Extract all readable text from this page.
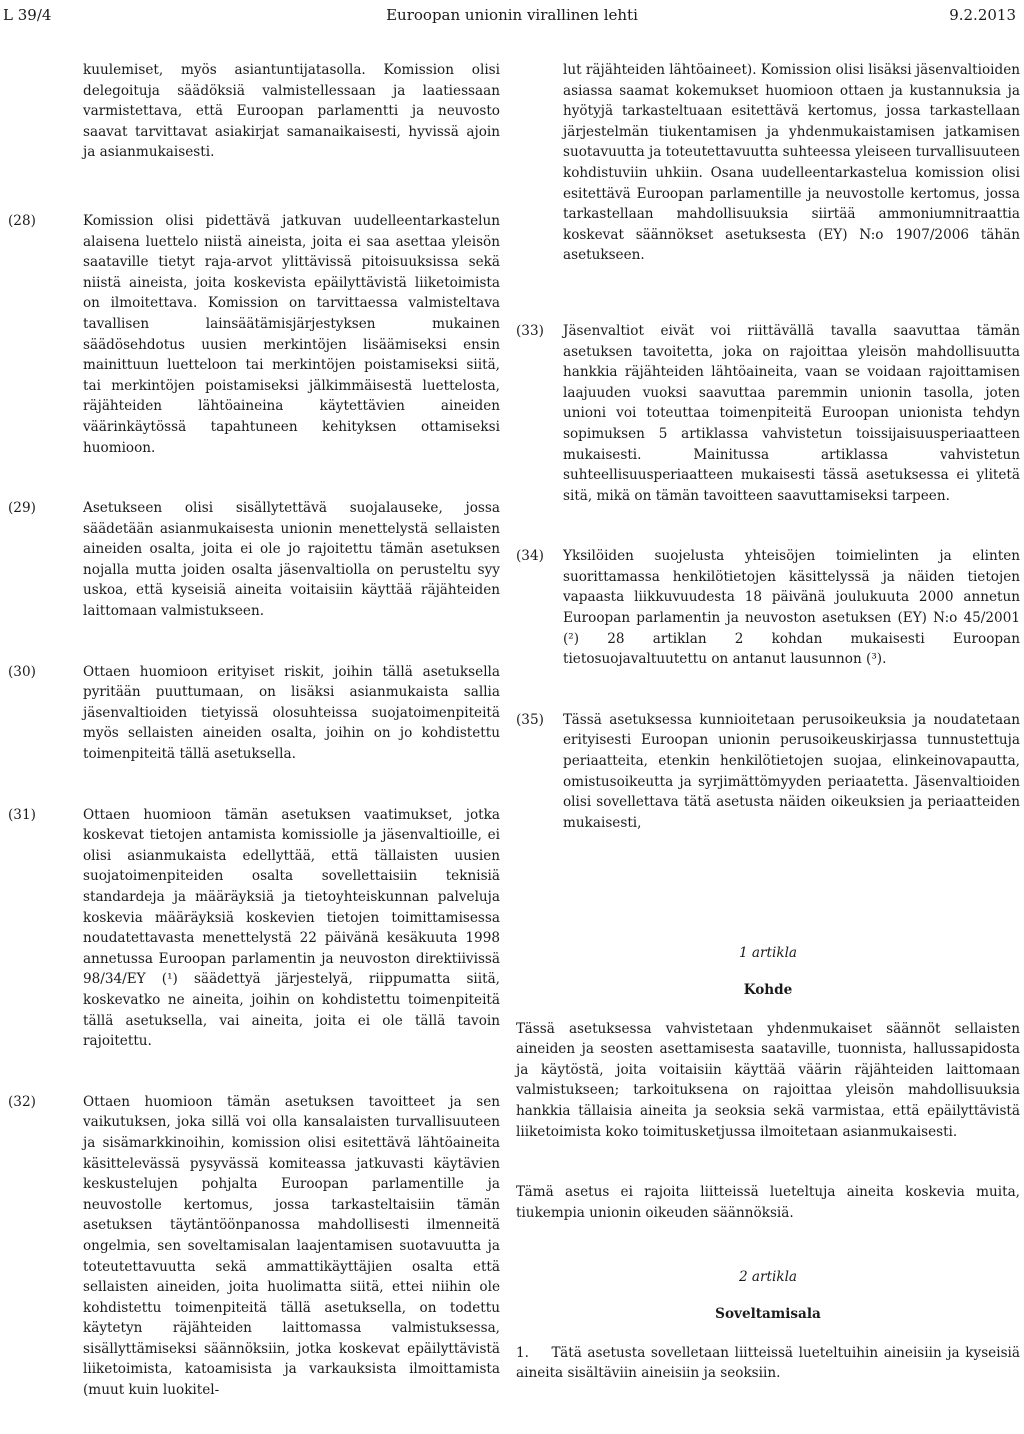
L 39/4	Euroopan unionin virallinen lehti	9.2.2013

kuulemiset, myös asiantuntijatasolla. Komission olisi delegoituja säädöksiä valmistellessaan ja laatiessaan varmistettava, että Euroopan parlamentti ja neuvosto saavat tarvittavat asiakirjat samanaikaisesti, hyvissä ajoin ja asianmukaisesti.

(28)	Komission olisi pidettävä jatkuvan uudelleentarkastelun alaisena luettelo niistä aineista, joita ei saa asettaa yleisön saataville tietyt raja-arvot ylittävissä pitoisuuksissa sekä niistä aineista, joita koskevista epäilyttävistä liiketoimista on ilmoitettava. Komission on tarvittaessa valmisteltava tavallisen lainsäätämisjärjestyksen mukainen säädösehdotus uusien merkintöjen lisäämiseksi ensin mainittuun luetteloon tai merkintöjen poistamiseksi siitä, tai merkintöjen poistamiseksi jälkimmäisestä luettelosta, räjähteiden lähtöaineina käytettävien aineiden väärinkäytössä tapahtuneen kehityksen ottamiseksi huomioon.

(29)	Asetukseen olisi sisällytettävä suojalauseke, jossa säädetään asianmukaisesta unionin menettelystä sellaisten aineiden osalta, joita ei ole jo rajoitettu tämän asetuksen nojalla mutta joiden osalta jäsenvaltiolla on perusteltu syy uskoa, että kyseisiä aineita voitaisiin käyttää räjähteiden laittomaan valmistukseen.

(30)	Ottaen huomioon erityiset riskit, joihin tällä asetuksella pyritään puuttumaan, on lisäksi asianmukaista sallia jäsenvaltioiden tietyissä olosuhteissa suojatoimenpiteitä myös sellaisten aineiden osalta, joihin on jo kohdistettu toimenpiteitä tällä asetuksella.

(31)	Ottaen huomioon tämän asetuksen vaatimukset, jotka koskevat tietojen antamista komissiolle ja jäsenvaltioille, ei olisi asianmukaista edellyttää, että tällaisten uusien suojatoimenpiteiden osalta sovellettaisiin teknisiä standardeja ja määräyksiä ja tietoyhteiskunnan palveluja koskevia määräyksiä koskevien tietojen toimittamisessa noudatettavasta menettelystä 22 päivänä kesäkuuta 1998 annetussa Euroopan parlamentin ja neuvoston direktiivissä 98/34/EY (¹) säädettyä järjestelyä, riippumatta siitä, koskevatko ne aineita, joihin on kohdistettu toimenpiteitä tällä asetuksella, vai aineita, joita ei ole tällä tavoin rajoitettu.

(32)	Ottaen huomioon tämän asetuksen tavoitteet ja sen vaikutuksen, joka sillä voi olla kansalaisten turvallisuuteen ja sisämarkkinoihin, komission olisi esitettävä lähtöaineita käsittelevässä pysyvässä komiteassa jatkuvasti käytävien keskustelujen pohjalta Euroopan parlamentille ja neuvostolle kertomus, jossa tarkasteltaisiin tämän asetuksen täytäntöönpanossa mahdollisesti ilmenneitä ongelmia, sen soveltamisalan laajentamisen suotavuutta ja toteutettavuutta sekä ammattikäyttäjien osalta että sellaisten aineiden, joita huolimatta siitä, ettei niihin ole kohdistettu toimenpiteitä tällä asetuksella, on todettu käytetyn räjähteiden laittomassa valmistuksessa, sisällyttämiseksi säännöksiin, jotka koskevat epäilyttävistä liiketoimista, katoamisista ja varkauksista ilmoittamista (muut kuin luokitel-

lut räjähteiden lähtöaineet). Komission olisi lisäksi jäsenvaltioiden asiassa saamat kokemukset huomioon ottaen ja kustannuksia ja hyötyjä tarkasteltuaan esitettävä kertomus, jossa tarkastellaan järjestelmän tiukentamisen ja yhdenmukaistamisen jatkamisen suotavuutta ja toteutettavuutta suhteessa yleiseen turvallisuuteen kohdistuviin uhkiin. Osana uudelleentarkastelua komission olisi esitettävä Euroopan parlamentille ja neuvostolle kertomus, jossa tarkastellaan mahdollisuuksia siirtää ammoniumnitraattia koskevat säännökset asetuksesta (EY) N:o 1907/2006 tähän asetukseen.

(33)	Jäsenvaltiot eivät voi riittävällä tavalla saavuttaa tämän asetuksen tavoitetta, joka on rajoittaa yleisön mahdollisuutta hankkia räjähteiden lähtöaineita, vaan se voidaan rajoittamisen laajuuden vuoksi saavuttaa paremmin unionin tasolla, joten unioni voi toteuttaa toimenpiteitä Euroopan unionista tehdyn sopimuksen 5 artiklassa vahvistetun toissijaisuusperiaatteen mukaisesti. Mainitussa artiklassa vahvistetun suhteellisuusperiaatteen mukaisesti tässä asetuksessa ei ylitetä sitä, mikä on tämän tavoitteen saavuttamiseksi tarpeen.

(34)	Yksilöiden suojelusta yhteisöjen toimielinten ja elinten suorittamassa henkilötietojen käsittelyssä ja näiden tietojen vapaasta liikkuvuudesta 18 päivänä joulukuuta 2000 annetun Euroopan parlamentin ja neuvoston asetuksen (EY) N:o 45/2001 (²) 28 artiklan 2 kohdan mukaisesti Euroopan tietosuojavaltuutettu on antanut lausunnon (³).

(35)	Tässä asetuksessa kunnioitetaan perusoikeuksia ja noudatetaan erityisesti Euroopan unionin perusoikeuskirjassa tunnustettuja periaatteita, etenkin henkilötietojen suojaa, elinkeinovapautta, omistusoikeutta ja syrjimättömyyden periaatetta. Jäsenvaltioiden olisi sovellettava tätä asetusta näiden oikeuksien ja periaatteiden mukaisesti,

1 artikla

Kohde

Tässä asetuksessa vahvistetaan yhdenmukaiset säännöt sellaisten aineiden ja seosten asettamisesta saataville, tuonnista, hallussapidosta ja käytöstä, joita voitaisiin käyttää väärin räjähteiden laittomaan valmistukseen; tarkoituksena on rajoittaa yleisön mahdollisuuksia hankkia tällaisia aineita ja seoksia sekä varmistaa, että epäilyttävistä liiketoimista koko toimitusketjussa ilmoitetaan asianmukaisesti.

Tämä asetus ei rajoita liitteissä lueteltuja aineita koskevia muita, tiukempia unionin oikeuden säännöksiä.

2 artikla

Soveltamisala

1.    Tätä asetusta sovelletaan liitteissä lueteltuihin aineisiin ja kyseisiä aineita sisältäviin aineisiin ja seoksiin.
